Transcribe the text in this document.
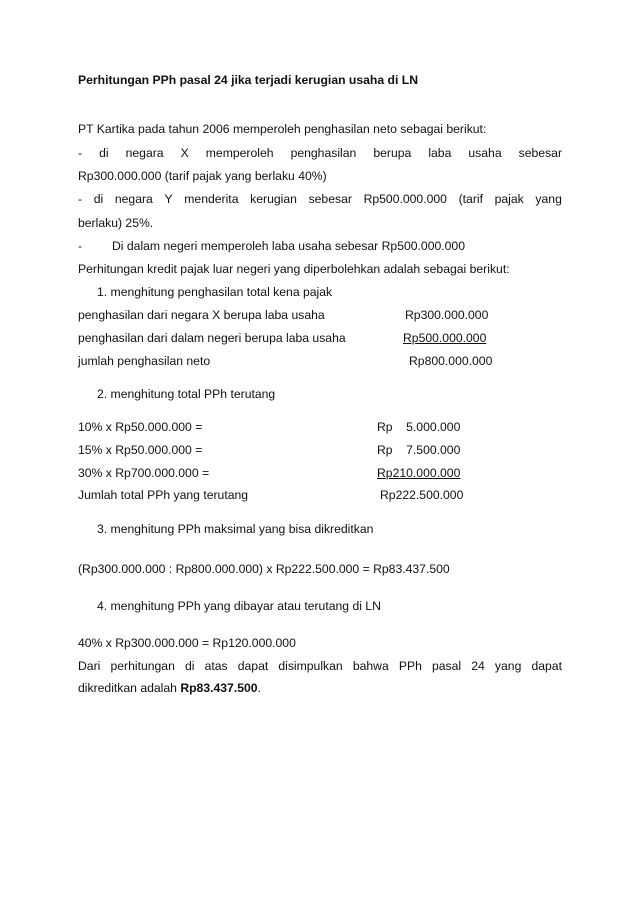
Perhitungan PPh pasal 24 jika terjadi kerugian usaha di LN
PT Kartika pada tahun 2006 memperoleh penghasilan neto sebagai berikut:
- di negara X memperoleh penghasilan berupa laba usaha sebesar
Rp300.000.000 (tarif pajak yang berlaku 40%)
- di negara Y menderita kerugian sebesar Rp500.000.000 (tarif pajak yang
berlaku) 25%.
- Di dalam negeri memperoleh laba usaha sebesar Rp500.000.000
Perhitungan kredit pajak luar negeri yang diperbolehkan adalah sebagai berikut:
1. menghitung penghasilan total kena pajak
penghasilan dari negara X berupa laba usaha	Rp300.000.000
penghasilan dari dalam negeri berupa laba usaha	Rp500.000.000
jumlah penghasilan neto	Rp800.000.000
2. menghitung total PPh terutang
10% x Rp50.000.000 =	Rp    5.000.000
15% x Rp50.000.000 =	Rp    7.500.000
30% x Rp700.000.000 =	Rp210.000.000
Jumlah total PPh yang terutang	Rp222.500.000
3. menghitung PPh maksimal yang bisa dikreditkan
(Rp300.000.000 : Rp800.000.000) x Rp222.500.000 = Rp83.437.500
4. menghitung PPh yang dibayar atau terutang di LN
40% x Rp300.000.000 = Rp120.000.000
Dari perhitungan di atas dapat disimpulkan bahwa PPh pasal 24 yang dapat
dikreditkan adalah Rp83.437.500.
